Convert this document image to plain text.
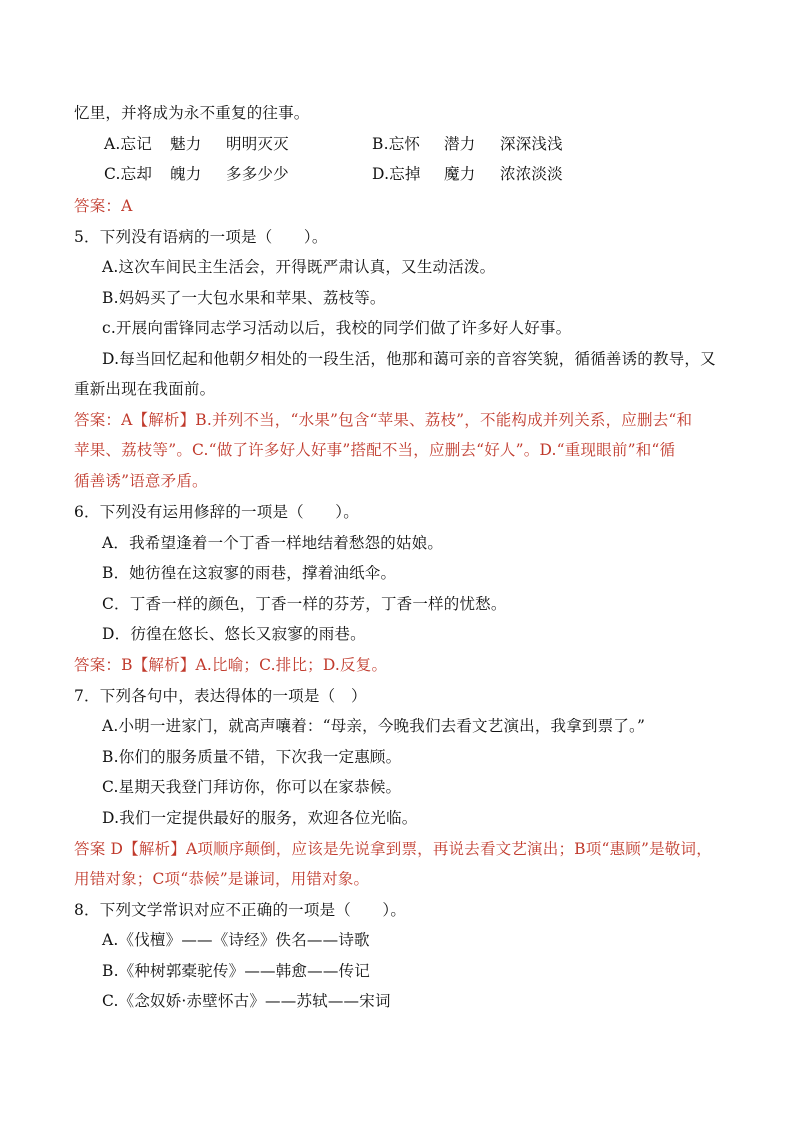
忆里，并将成为永不重复的往事。
A.忘记 魅力 明明灭灭	B.忘怀 潜力 深深浅浅
C.忘却 魄力 多多少少	D.忘掉 魔力 浓浓淡淡
答案：A
5．下列没有语病的一项是（　　）。
A.这次车间民主生活会，开得既严肃认真，又生动活泼。
B.妈妈买了一大包水果和苹果、荔枝等。
c.开展向雷锋同志学习活动以后，我校的同学们做了许多好人好事。
D.每当回忆起和他朝夕相处的一段生活，他那和蔼可亲的音容笑貌，循循善诱的教导，又
重新出现在我面前。
答案：A【解析】B.并列不当，“水果”包含“苹果、荔枝”，不能构成并列关系，应删去“和
苹果、荔枝等”。C.“做了许多好人好事”搭配不当，应删去“好人”。D.“重现眼前”和“循
循善诱”语意矛盾。
6．下列没有运用修辞的一项是（　　）。
A．我希望逢着一个丁香一样地结着愁怨的姑娘。
B．她彷徨在这寂寥的雨巷，撑着油纸伞。
C．丁香一样的颜色，丁香一样的芬芳，丁香一样的忧愁。
D．彷徨在悠长、悠长又寂寥的雨巷。
答案：B【解析】A.比喻；C.排比；D.反复。
7．下列各句中，表达得体的一项是（　）
A.小明一进家门，就高声嚷着：“母亲，今晚我们去看文艺演出，我拿到票了。”
B.你们的服务质量不错，下次我一定惠顾。
C.星期天我登门拜访你，你可以在家恭候。
D.我们一定提供最好的服务，欢迎各位光临。
答案 D【解析】A项顺序颠倒，应该是先说拿到票，再说去看文艺演出；B项“惠顾”是敬词，
用错对象；C项“恭候”是谦词，用错对象。
8．下列文学常识对应不正确的一项是（　　）。
A.《伐檀》——《诗经》佚名——诗歌
B.《种树郭橐驼传》——韩愈——传记
C.《念奴娇·赤壁怀古》——苏轼——宋词
